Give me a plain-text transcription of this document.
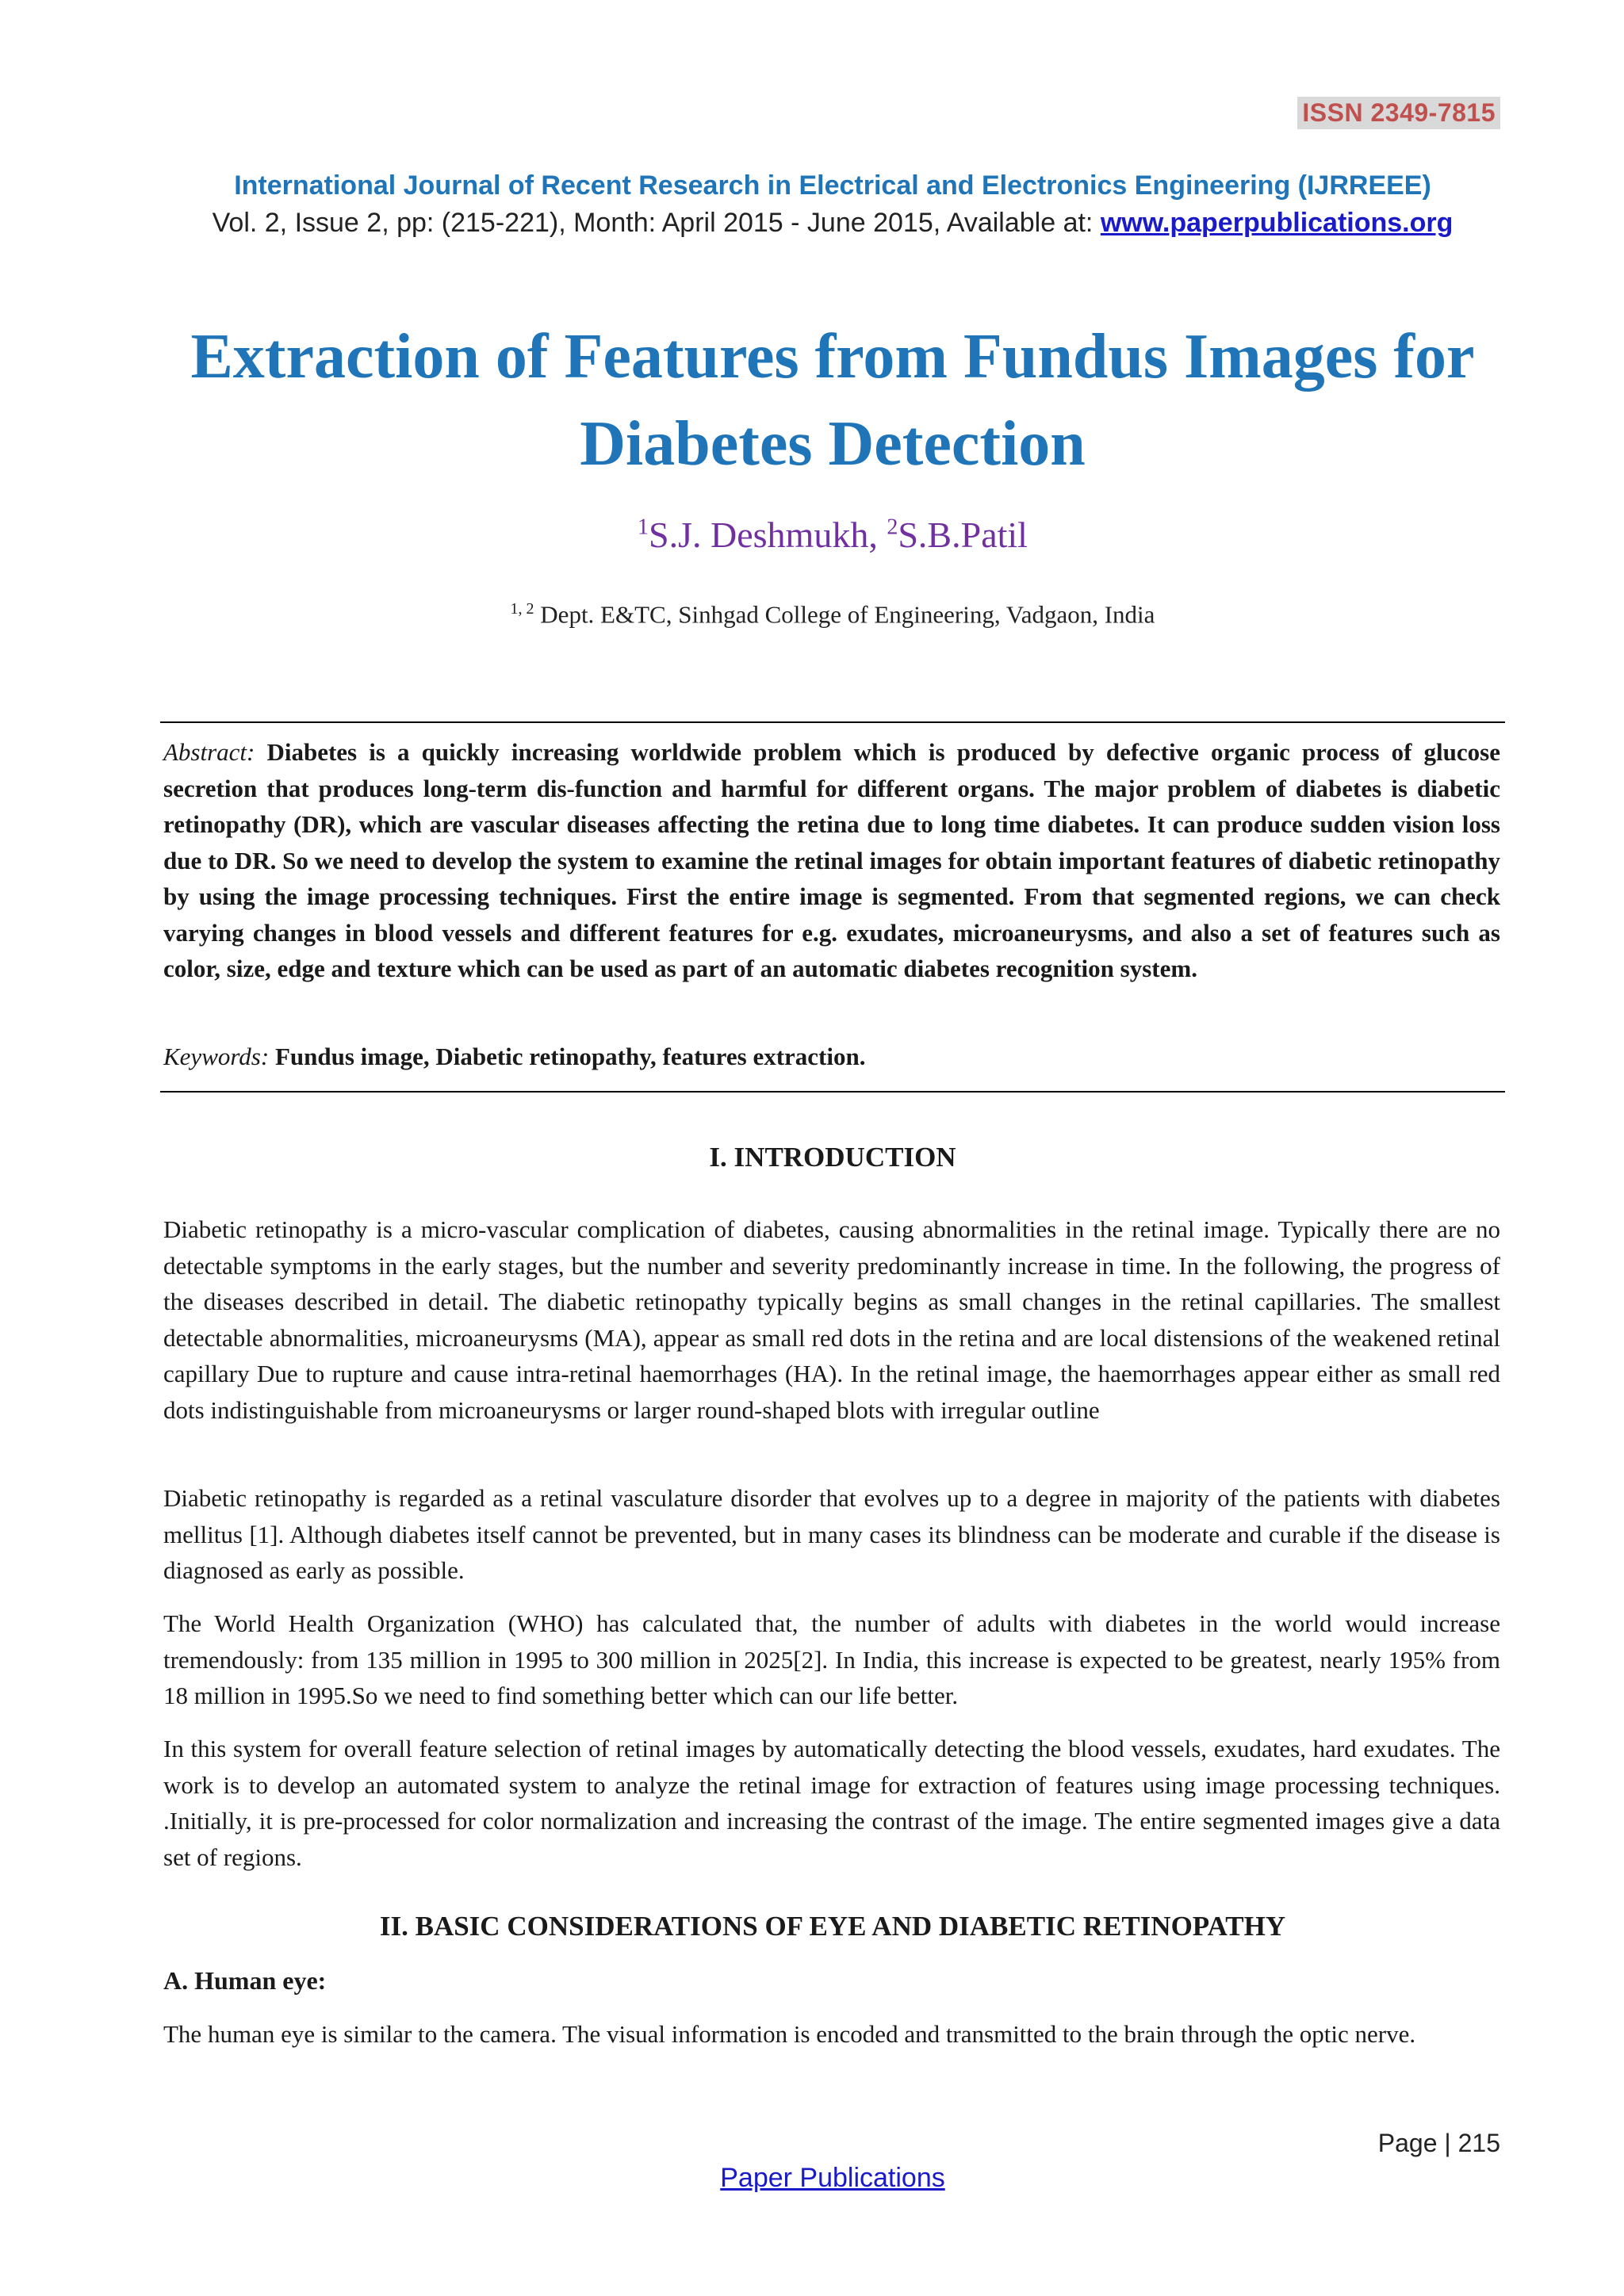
ISSN 2349-7815
International Journal of Recent Research in Electrical and Electronics Engineering (IJRREEE)
Vol. 2, Issue 2, pp: (215-221), Month: April 2015 - June 2015, Available at: www.paperpublications.org
Extraction of Features from Fundus Images for Diabetes Detection
$^1$S.J. Deshmukh, $^2$S.B.Patil
$^{1, 2}$ Dept. E&TC, Sinhgad College of Engineering, Vadgaon, India
Abstract: Diabetes is a quickly increasing worldwide problem which is produced by defective organic process of glucose secretion that produces long-term dis-function and harmful for different organs. The major problem of diabetes is diabetic retinopathy (DR), which are vascular diseases affecting the retina due to long time diabetes. It can produce sudden vision loss due to DR. So we need to develop the system to examine the retinal images for obtain important features of diabetic retinopathy by using the image processing techniques. First the entire image is segmented. From that segmented regions, we can check varying changes in blood vessels and different features for e.g. exudates, microaneurysms, and also a set of features such as color, size, edge and texture which can be used as part of an automatic diabetes recognition system.
Keywords: Fundus image, Diabetic retinopathy, features extraction.
I. INTRODUCTION
Diabetic retinopathy is a micro-vascular complication of diabetes, causing abnormalities in the retinal image. Typically there are no detectable symptoms in the early stages, but the number and severity predominantly increase in time. In the following, the progress of the diseases described in detail. The diabetic retinopathy typically begins as small changes in the retinal capillaries. The smallest detectable abnormalities, microaneurysms (MA), appear as small red dots in the retina and are local distensions of the weakened retinal capillary Due to rupture and cause intra-retinal haemorrhages (HA). In the retinal image, the haemorrhages appear either as small red dots indistinguishable from microaneurysms or larger round-shaped blots with irregular outline
Diabetic retinopathy is regarded as a retinal vasculature disorder that evolves up to a degree in majority of the patients with diabetes mellitus [1]. Although diabetes itself cannot be prevented, but in many cases its blindness can be moderate and curable if the disease is diagnosed as early as possible.
The World Health Organization (WHO) has calculated that, the number of adults with diabetes in the world would increase tremendously: from 135 million in 1995 to 300 million in 2025[2]. In India, this increase is expected to be greatest, nearly 195% from 18 million in 1995.So we need to find something better which can our life better.
In this system for overall feature selection of retinal images by automatically detecting the blood vessels, exudates, hard exudates. The work is to develop an automated system to analyze the retinal image for extraction of features using image processing techniques. .Initially, it is pre-processed for color normalization and increasing the contrast of the image. The entire segmented images give a data set of regions.
II. BASIC CONSIDERATIONS OF EYE AND DIABETIC RETINOPATHY
A. Human eye:
The human eye is similar to the camera. The visual information is encoded and transmitted to the brain through the optic nerve.
Page | 215
Paper Publications
